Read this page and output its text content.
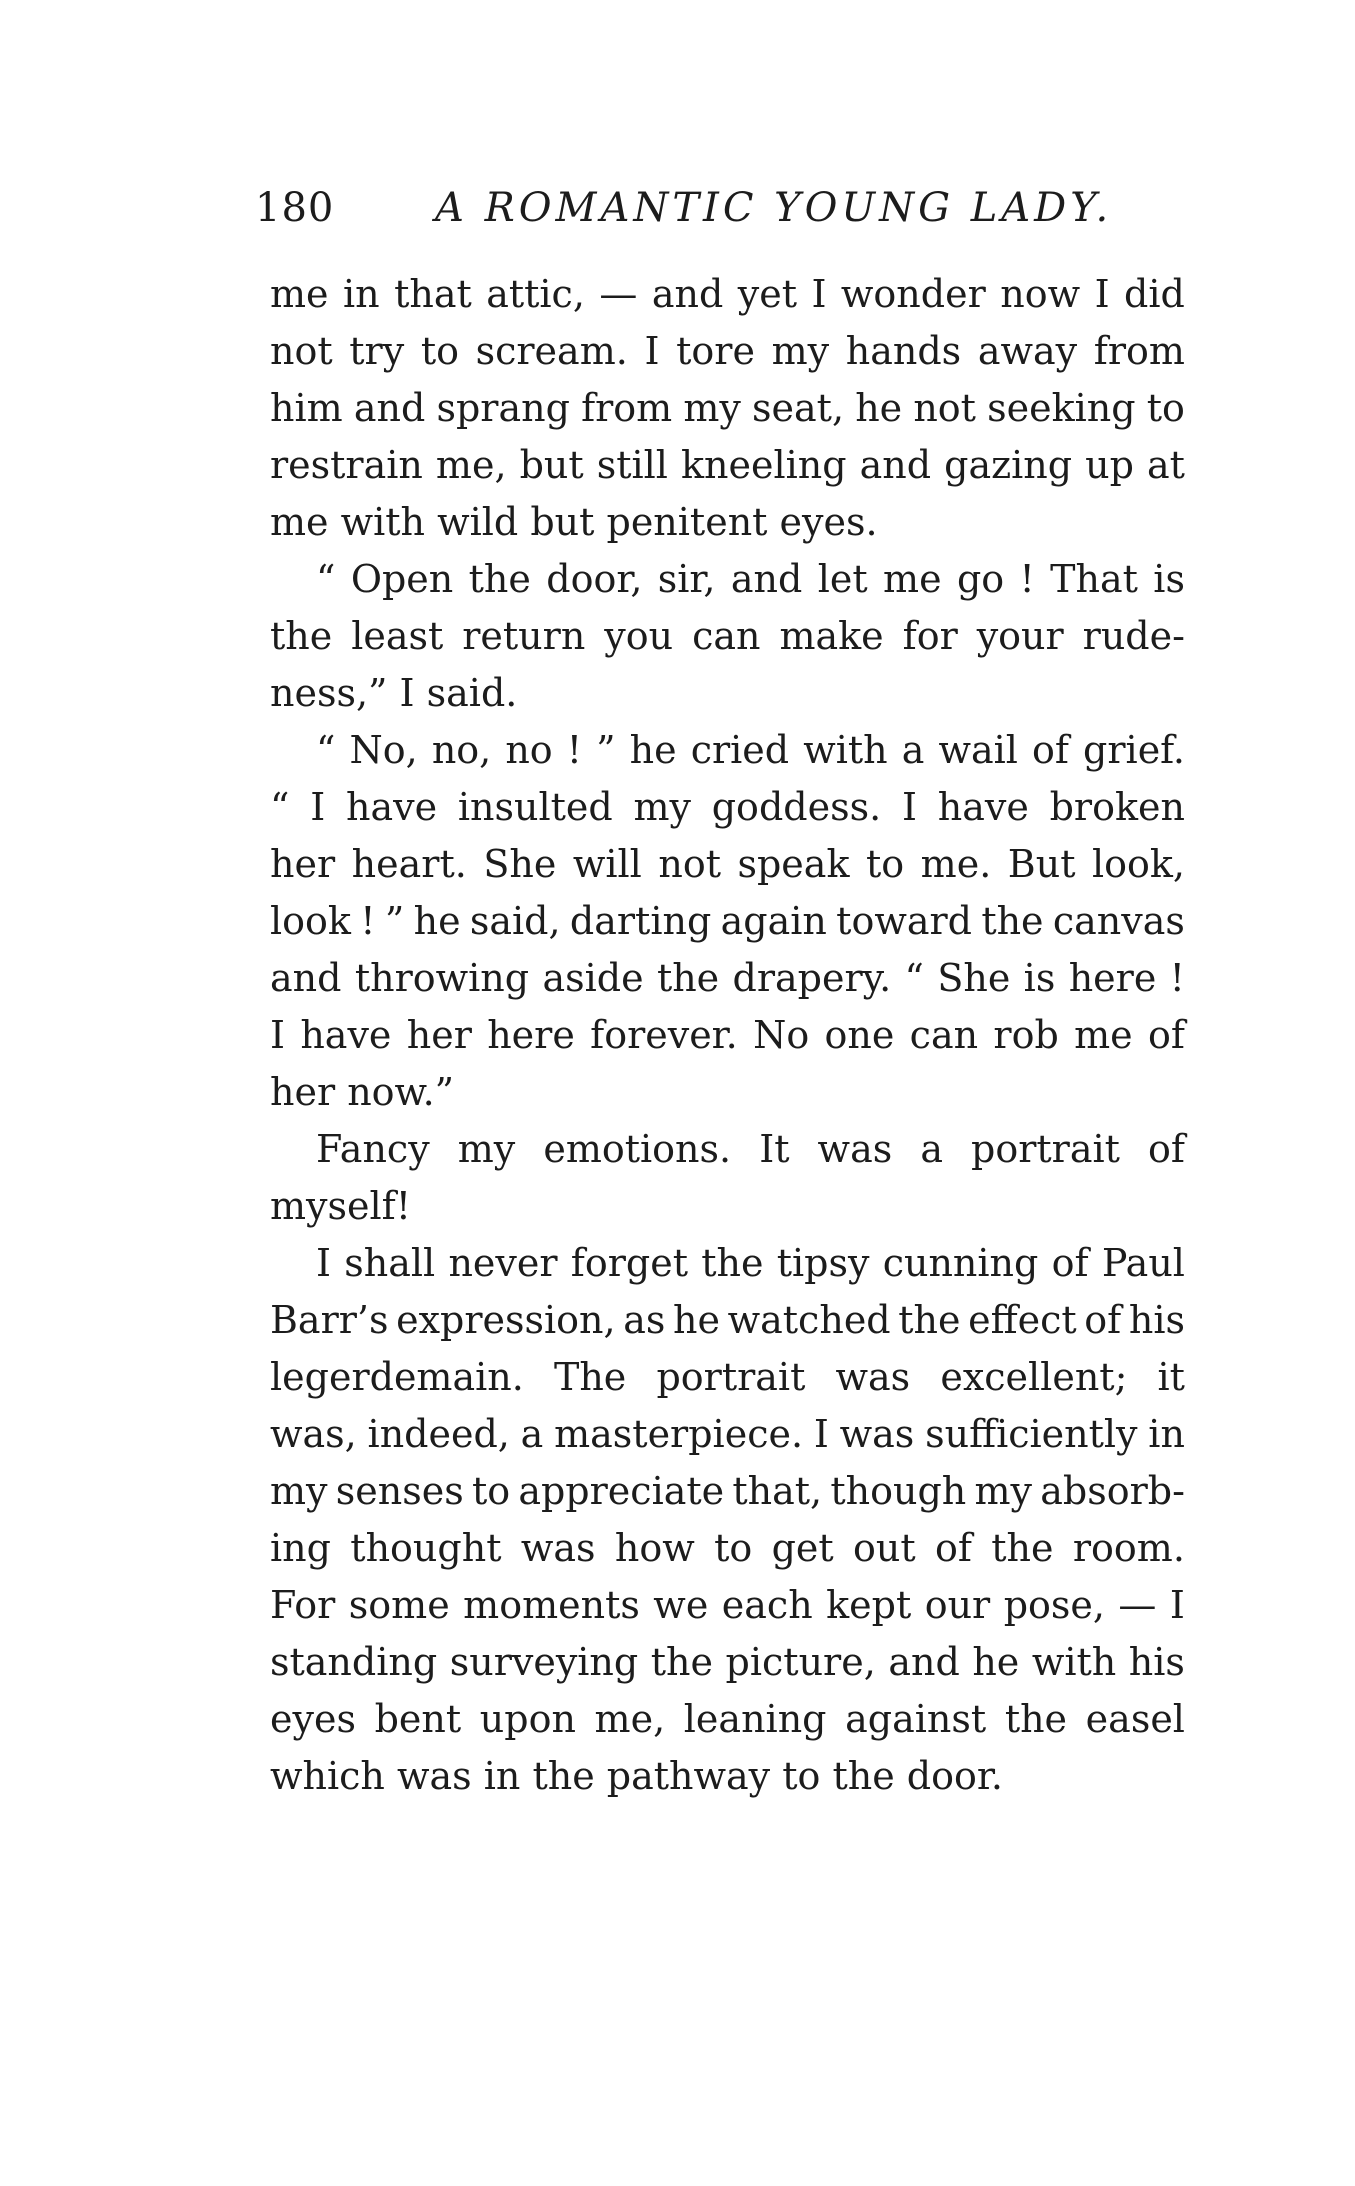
180	A ROMANTIC YOUNG LADY.
me in that attic, — and yet I wonder now I did
not try to scream. I tore my hands away from
him and sprang from my seat, he not seeking to
restrain me, but still kneeling and gazing up at
me with wild but penitent eyes.
“ Open the door, sir, and let me go ! That is
the least return you can make for your rude-
ness,” I said.
“ No, no, no ! ” he cried with a wail of grief.
“ I have insulted my goddess. I have broken
her heart. She will not speak to me. But look,
look ! ” he said, darting again toward the canvas
and throwing aside the drapery. “ She is here !
I have her here forever. No one can rob me of
her now.”
Fancy my emotions. It was a portrait of
myself!
I shall never forget the tipsy cunning of Paul
Barr’s expression, as he watched the effect of his
legerdemain. The portrait was excellent; it
was, indeed, a masterpiece. I was sufficiently in
my senses to appreciate that, though my absorb-
ing thought was how to get out of the room.
For some moments we each kept our pose, — I
standing surveying the picture, and he with his
eyes bent upon me, leaning against the easel
which was in the pathway to the door.
